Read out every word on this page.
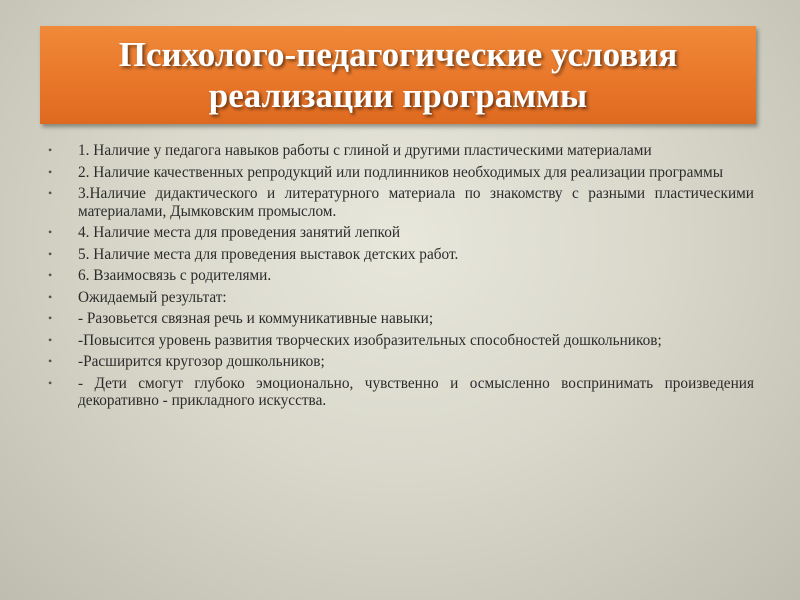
Психолого-педагогические условия
реализации программы
•	1. Наличие у педагога навыков работы с глиной и другими пластическими материалами
•	2. Наличие качественных репродукций или подлинников необходимых для реализации программы
•	3.Наличие дидактического и литературного материала по знакомству с разными пластическими материалами, Дымковским промыслом.
•	4. Наличие места для проведения занятий лепкой
•	5. Наличие места для проведения выставок детских работ.
•	6. Взаимосвязь с родителями.
•	Ожидаемый результат:
•	- Разовьется связная речь и коммуникативные навыки;
•	-Повысится уровень развития творческих изобразительных способностей дошкольников;
•	-Расширится кругозор дошкольников;
•	- Дети смогут глубоко эмоционально, чувственно и осмысленно воспринимать произведения декоративно - прикладного искусства.
